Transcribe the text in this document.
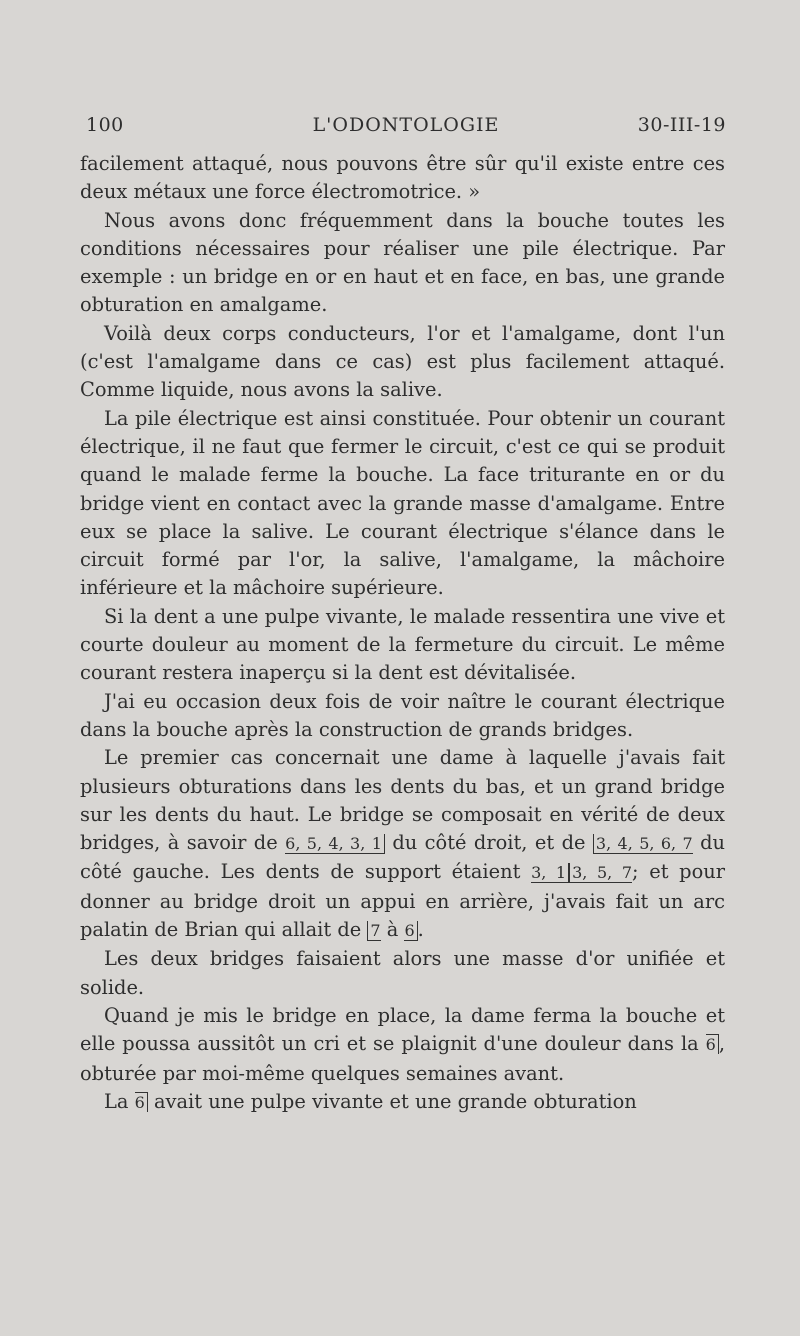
100	L'ODONTOLOGIE	30-III-19

facilement attaqué, nous pouvons être sûr qu'il existe entre ces deux métaux une force électromotrice. »

Nous avons donc fréquemment dans la bouche toutes les conditions nécessaires pour réaliser une pile électrique. Par exemple : un bridge en or en haut et en face, en bas, une grande obturation en amalgame.

Voilà deux corps conducteurs, l'or et l'amalgame, dont l'un (c'est l'amalgame dans ce cas) est plus facilement attaqué. Comme liquide, nous avons la salive.

La pile électrique est ainsi constituée. Pour obtenir un courant électrique, il ne faut que fermer le circuit, c'est ce qui se produit quand le malade ferme la bouche. La face triturante en or du bridge vient en contact avec la grande masse d'amalgame. Entre eux se place la salive. Le courant électrique s'élance dans le circuit formé par l'or, la salive, l'amalgame, la mâchoire inférieure et la mâchoire supérieure.

Si la dent a une pulpe vivante, le malade ressentira une vive et courte douleur au moment de la fermeture du circuit. Le même courant restera inaperçu si la dent est dévitalisée.

J'ai eu occasion deux fois de voir naître le courant électrique dans la bouche après la construction de grands bridges.

Le premier cas concernait une dame à laquelle j'avais fait plusieurs obturations dans les dents du bas, et un grand bridge sur les dents du haut. Le bridge se composait en vérité de deux bridges, à savoir de 6, 5, 4, 3, 1 du côté droit, et de 3, 4, 5, 6, 7 du côté gauche. Les dents de support étaient 3, 1 3, 5, 7; et pour donner au bridge droit un appui en arrière, j'avais fait un arc palatin de Brian qui allait de 7 à 6 .

Les deux bridges faisaient alors une masse d'or unifiée et solide.

Quand je mis le bridge en place, la dame ferma la bouche et elle poussa aussitôt un cri et se plaignit d'une douleur dans la 6 , obturée par moi-même quelques semaines avant.

La 6 avait une pulpe vivante et une grande obturation
